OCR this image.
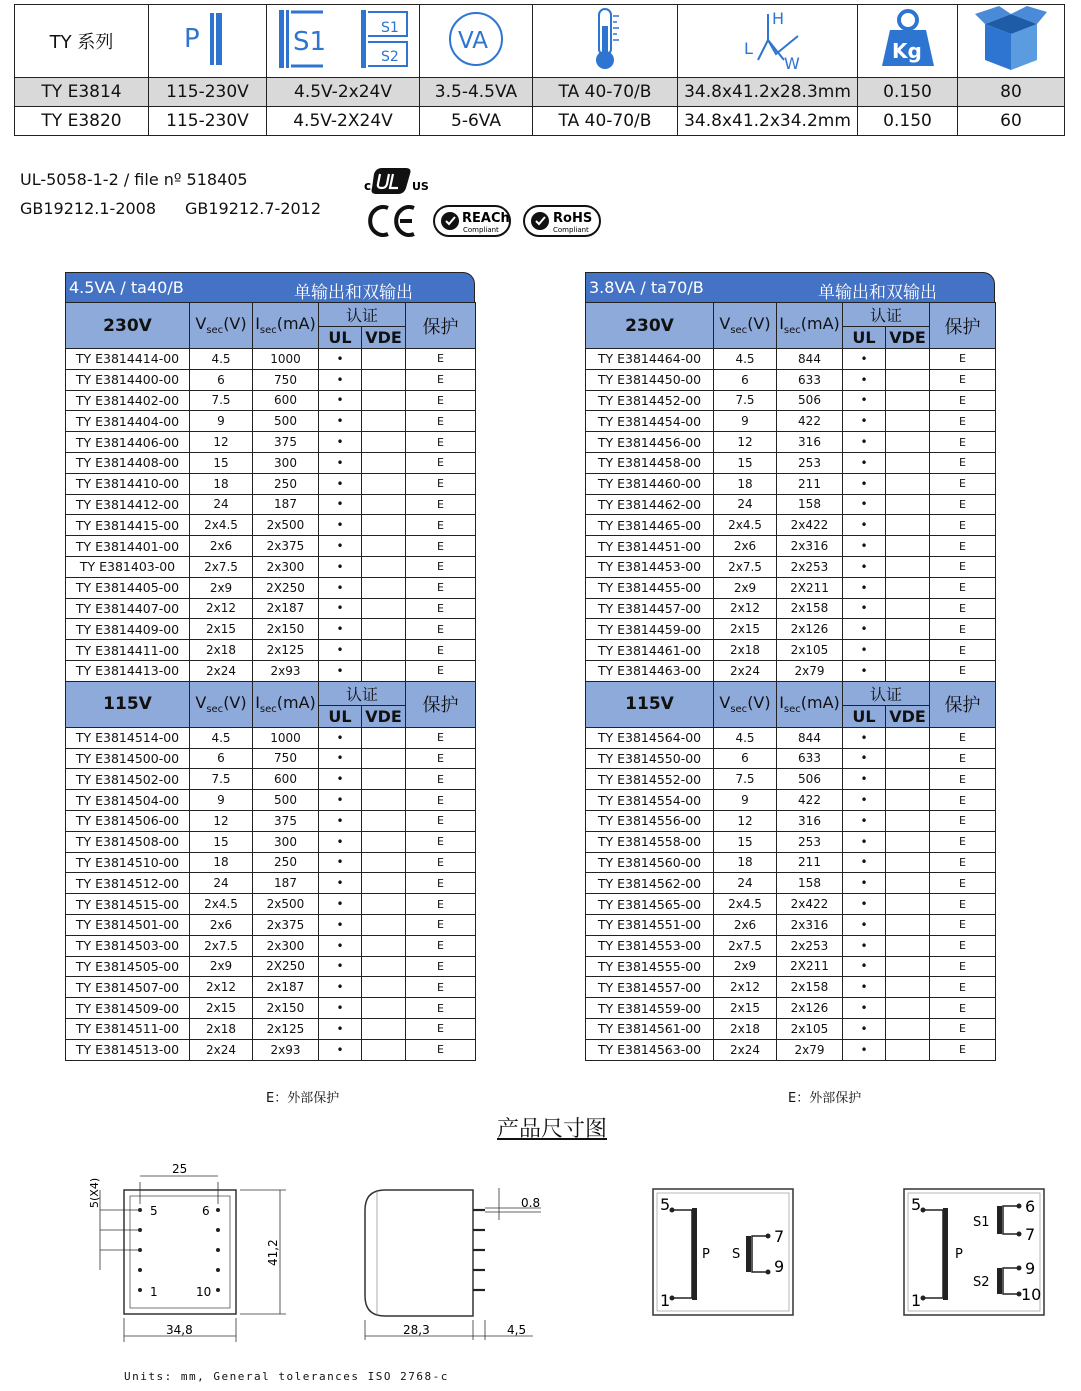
TY 系列	P	S1 S1
S2	VA		H
L
W	Kg

TY E3814	115-230V	4.5V-2x24V	3.5-4.5VA	TA 40-70/B	34.8x41.2x28.3mm	0.150	80
TY E3820	115-230V	4.5V-2X24V	5-6VA	TA 40-70/B	34.8x41.2x34.2mm	0.150	60
UL-5058-1-2 / file nº 518405
GB19212.1-2008 GB19212.7-2012
c	US
REACh
Compliant
RoHS
Compliant
4.5VA / ta40/B	单输出和双输出
230V	$V_{sec}(V)$	$I_{sec}(mA)$	认证		保护
			UL	VDE	
TY E3814414-00	4.5	1000	•		E
TY E3814400-00	6	750	•		E
TY E3814402-00	7.5	600	•		E
TY E3814404-00	9	500	•		E
TY E3814406-00	12	375	•		E
TY E3814408-00	15	300	•		E
TY E3814410-00	18	250	•		E
TY E3814412-00	24	187	•		E
TY E3814415-00	2x4.5	2x500	•		E
TY E3814401-00	2x6	2x375	•		E
TY E381403-00	2x7.5	2x300	•		E
TY E3814405-00	2x9	2X250	•		E
TY E3814407-00	2x12	2x187	•		E
TY E3814409-00	2x15	2x150	•		E
TY E3814411-00	2x18	2x125	•		E
TY E3814413-00	2x24	2x93	•		E
115V	$V_{sec}(V)$	$I_{sec}(mA)$	认证		保护
			UL	VDE	
TY E3814514-00	4.5	1000	•		E
TY E3814500-00	6	750	•		E
TY E3814502-00	7.5	600	•		E
TY E3814504-00	9	500	•		E
TY E3814506-00	12	375	•		E
TY E3814508-00	15	300	•		E
TY E3814510-00	18	250	•		E
TY E3814512-00	24	187	•		E
TY E3814515-00	2x4.5	2x500	•		E
TY E3814501-00	2x6	2x375	•		E
TY E3814503-00	2x7.5	2x300	•		E
TY E3814505-00	2x9	2X250	•		E
TY E3814507-00	2x12	2x187	•		E
TY E3814509-00	2x15	2x150	•		E
TY E3814511-00	2x18	2x125	•		E
TY E3814513-00	2x24	2x93	•		E
E：外部保护
3.8VA / ta70/B	单输出和双输出
230V	$V_{sec}(V)$	$I_{sec}(mA)$	认证		保护
			UL	VDE	
TY E3814464-00	4.5	844	•		E
TY E3814450-00	6	633	•		E
TY E3814452-00	7.5	506	•		E
TY E3814454-00	9	422	•		E
TY E3814456-00	12	316	•		E
TY E3814458-00	15	253	•		E
TY E3814460-00	18	211	•		E
TY E3814462-00	24	158	•		E
TY E3814465-00	2x4.5	2x422	•		E
TY E3814451-00	2x6	2x316	•		E
TY E3814453-00	2x7.5	2x253	•		E
TY E3814455-00	2x9	2X211	•		E
TY E3814457-00	2x12	2x158	•		E
TY E3814459-00	2x15	2x126	•		E
TY E3814461-00	2x18	2x105	•		E
TY E3814463-00	2x24	2x79	•		E
115V	$V_{sec}(V)$	$I_{sec}(mA)$	认证		保护
			UL	VDE	
TY E3814564-00	4.5	844	•		E
TY E3814550-00	6	633	•		E
TY E3814552-00	7.5	506	•		E
TY E3814554-00	9	422	•		E
TY E3814556-00	12	316	•		E
TY E3814558-00	15	253	•		E
TY E3814560-00	18	211	•		E
TY E3814562-00	24	158	•		E
TY E3814565-00	2x4.5	2x422	•		E
TY E3814551-00	2x6	2x316	•		E
TY E3814553-00	2x7.5	2x253	•		E
TY E3814555-00	2x9	2X211	•		E
TY E3814557-00	2x12	2x158	•		E
TY E3814559-00	2x15	2x126	•		E
TY E3814561-00	2x18	2x105	•		E
TY E3814563-00	2x24	2x79	•		E
E：外部保护
产品尺寸图
25
5(X4)
41,2
34,8
5	6
1	10
0.8
28,3	4,5
5
1
7
9
P S
5
1
6
7
9
10
S1
S2
P
Units: mm, General tolerances ISO 2768-c
